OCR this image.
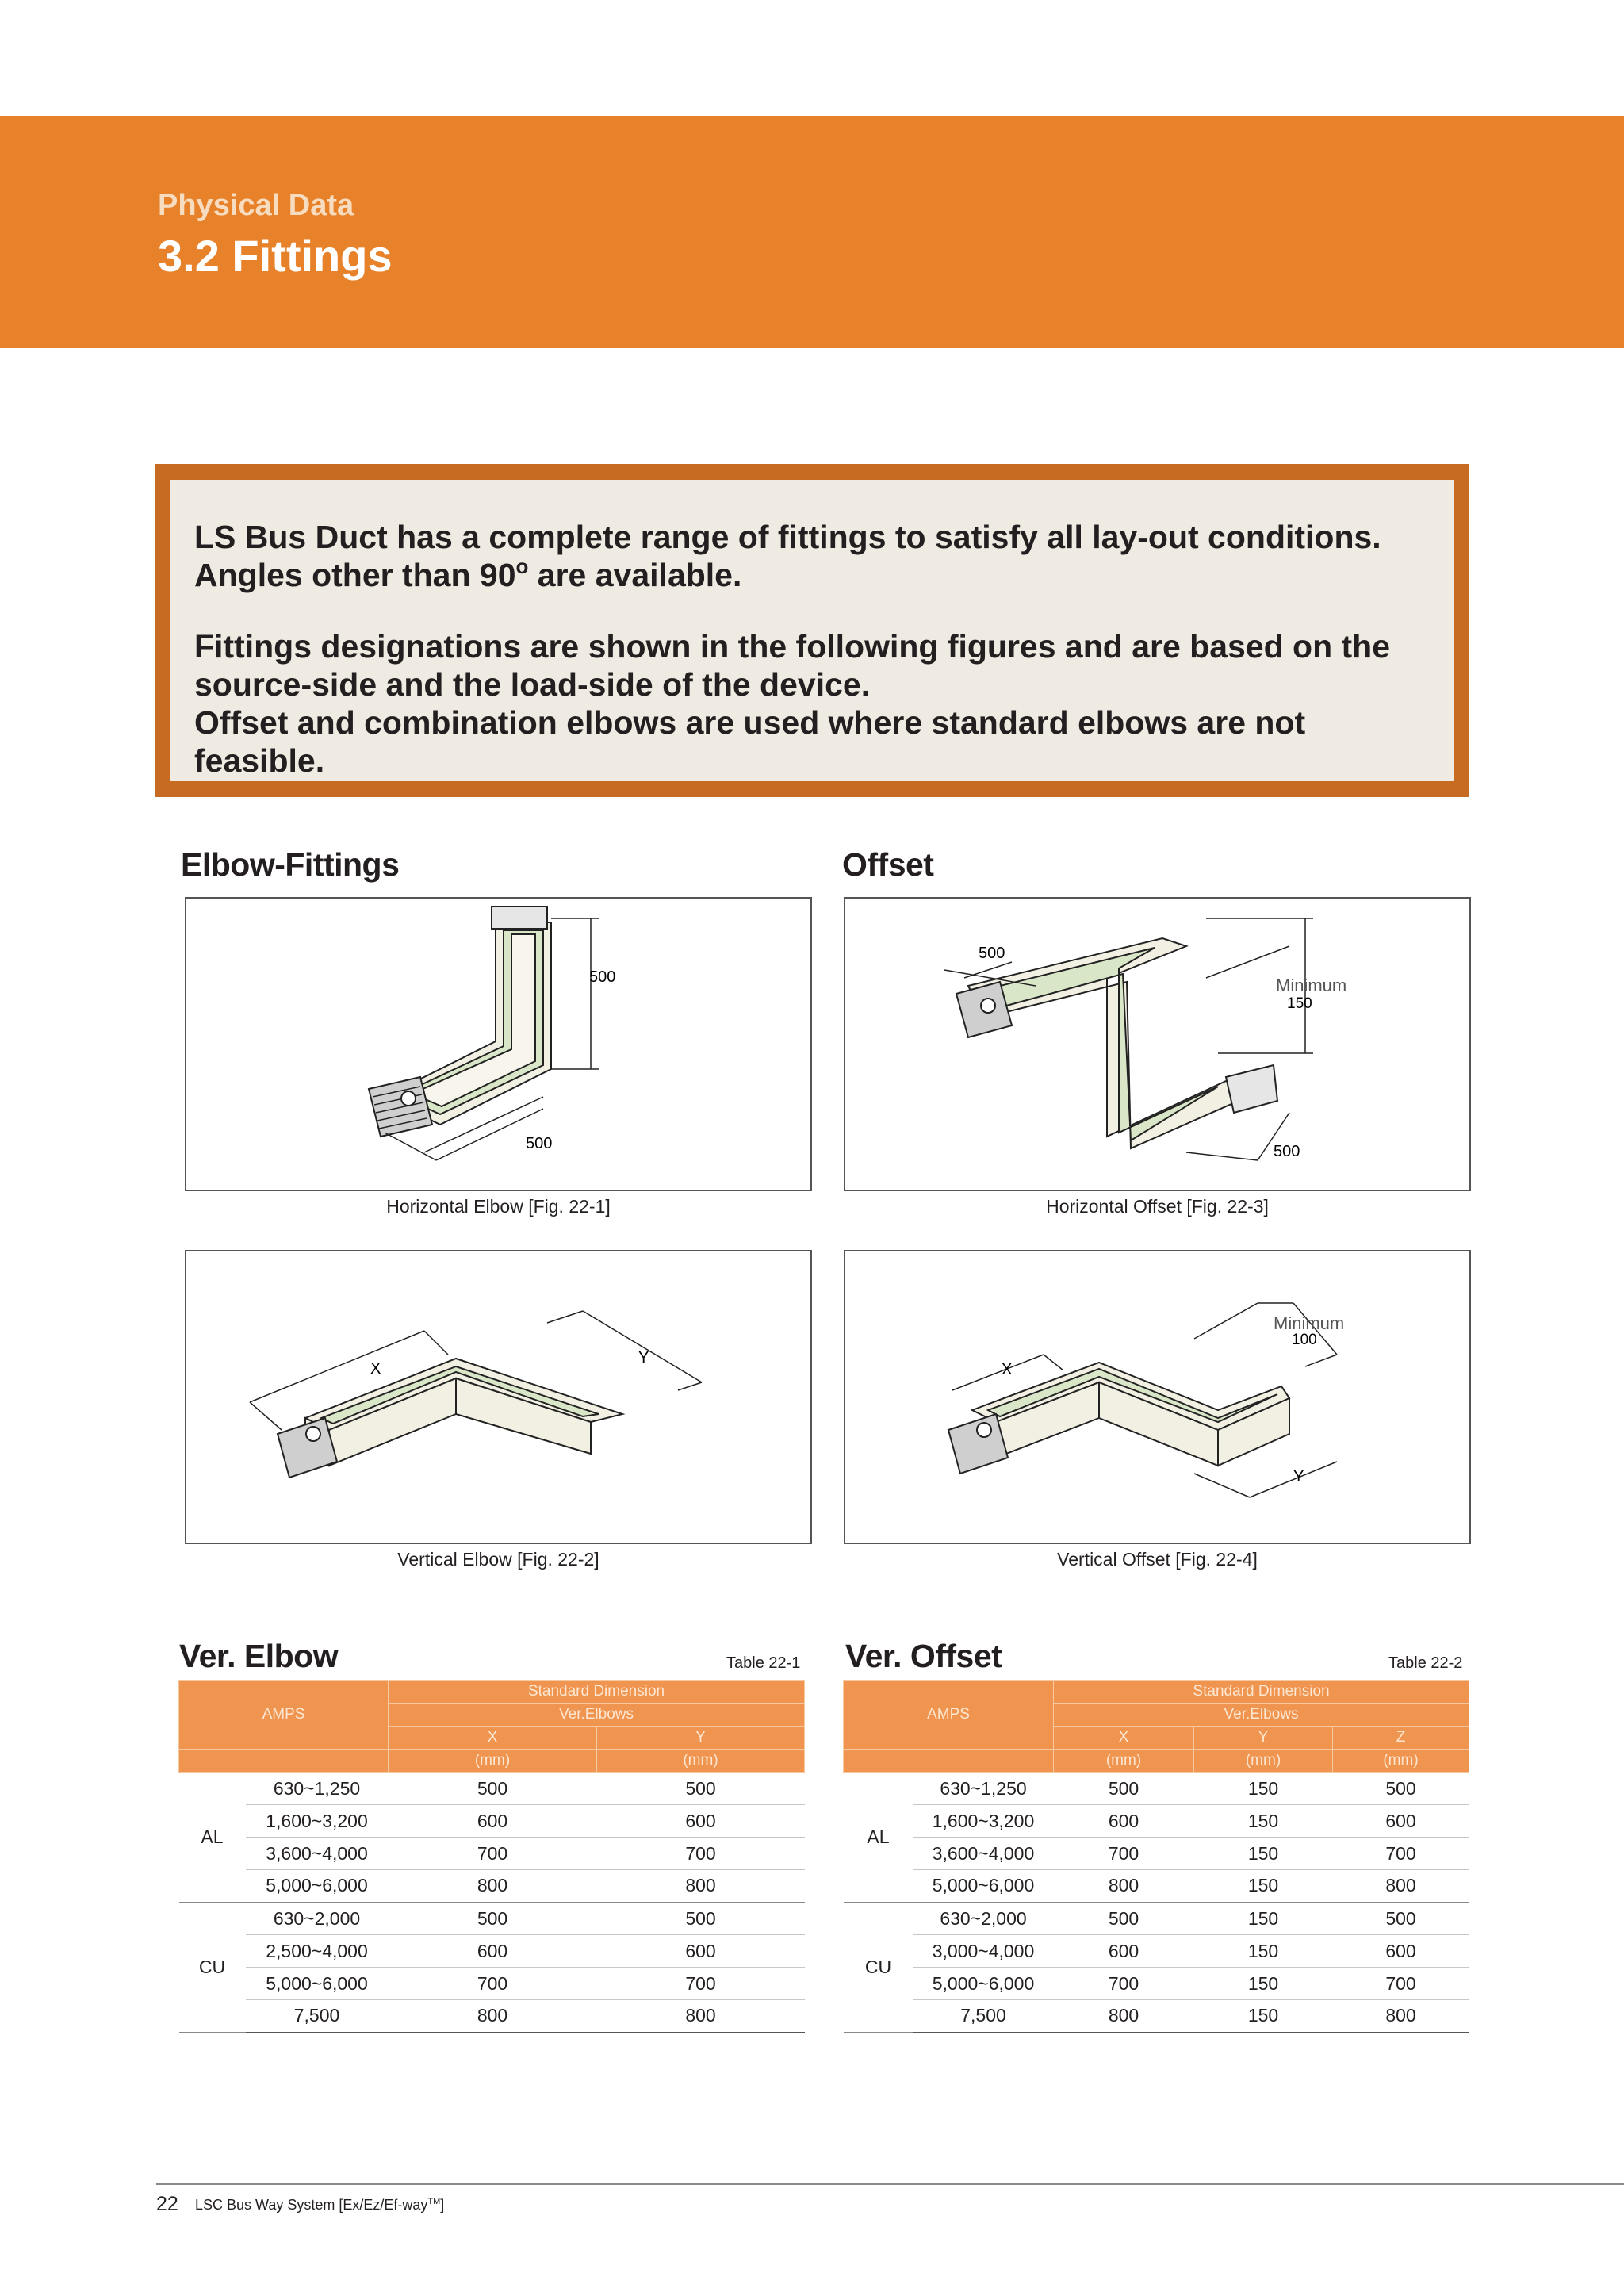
Physical Data
3.2 Fittings

LS Bus Duct has a complete range of fittings to satisfy all lay-out conditions.
Angles other than 90$^o$ are available.

Fittings designations are shown in the following figures and are based on the
source-side and the load-side of the device.
Offset and combination elbows are used where standard elbows are not feasible.

Elbow-Fittings	Offset
500
500
Horizontal Elbow [Fig. 22-1]
500
500
Minimum
150
Horizontal Offset [Fig. 22-3]
X
Y
Vertical Elbow [Fig. 22-2]
X
Y
Minimum
100
Vertical Offset [Fig. 22-4]
Ver. Elbow	Table 22-1
AMPS		Standard Dimension	
		Ver.Elbows	
		X	Y
		(mm)	(mm)
AL	630~1,250	500	500
	1,600~3,200	600	600
	3,600~4,000	700	700
	5,000~6,000	800	800
CU	630~2,000	500	500
	2,500~4,000	600	600
	5,000~6,000	700	700
	7,500	800	800
Ver. Offset	Table 22-2
AMPS		Standard Dimension		
		Ver.Elbows		
		X	Y	Z
		(mm)	(mm)	(mm)
AL	630~1,250	500	150	500
	1,600~3,200	600	150	600
	3,600~4,000	700	150	700
	5,000~6,000	800	150	800
CU	630~2,000	500	150	500
	3,000~4,000	600	150	600
	5,000~6,000	700	150	700
	7,500	800	150	800
22 LSC Bus Way System [Ex/Ez/Ef-way™]
